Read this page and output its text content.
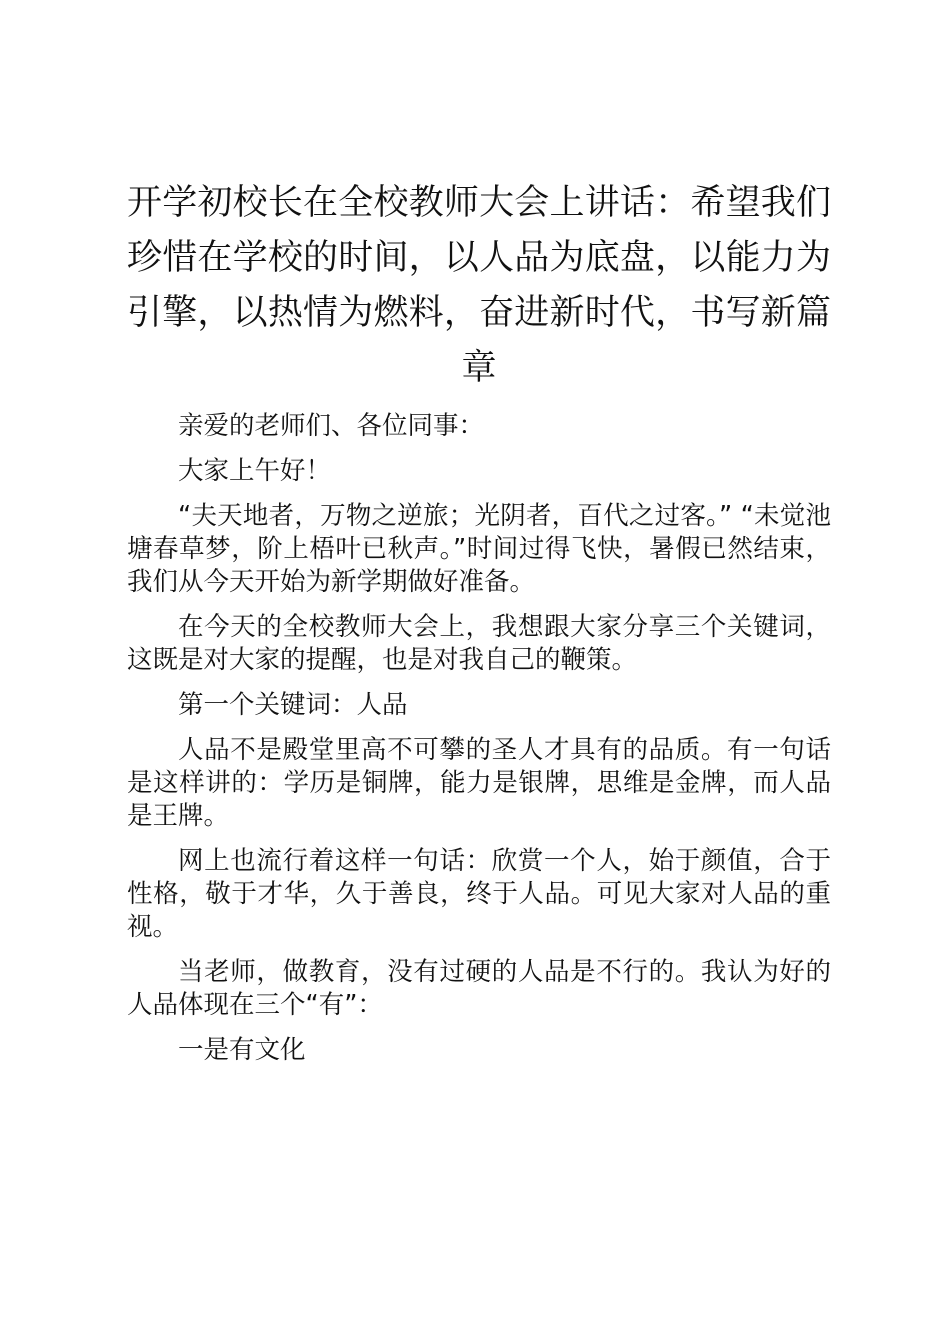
开学初校长在全校教师大会上讲话：希望我们珍惜在学校的时间，以人品为底盘，以能力为引擎，以热情为燃料，奋进新时代，书写新篇章

亲爱的老师们、各位同事：

大家上午好！

“夫天地者，万物之逆旅；光阴者，百代之过客。” “未觉池塘春草梦，阶上梧叶已秋声。”时间过得飞快，暑假已然结束，我们从今天开始为新学期做好准备。

在今天的全校教师大会上，我想跟大家分享三个关键词，这既是对大家的提醒，也是对我自己的鞭策。

第一个关键词：人品

人品不是殿堂里高不可攀的圣人才具有的品质。有一句话是这样讲的：学历是铜牌，能力是银牌，思维是金牌，而人品是王牌。

网上也流行着这样一句话：欣赏一个人，始于颜值，合于性格，敬于才华，久于善良，终于人品。可见大家对人品的重视。

当老师，做教育，没有过硬的人品是不行的。我认为好的人品体现在三个“有”：

一是有文化
